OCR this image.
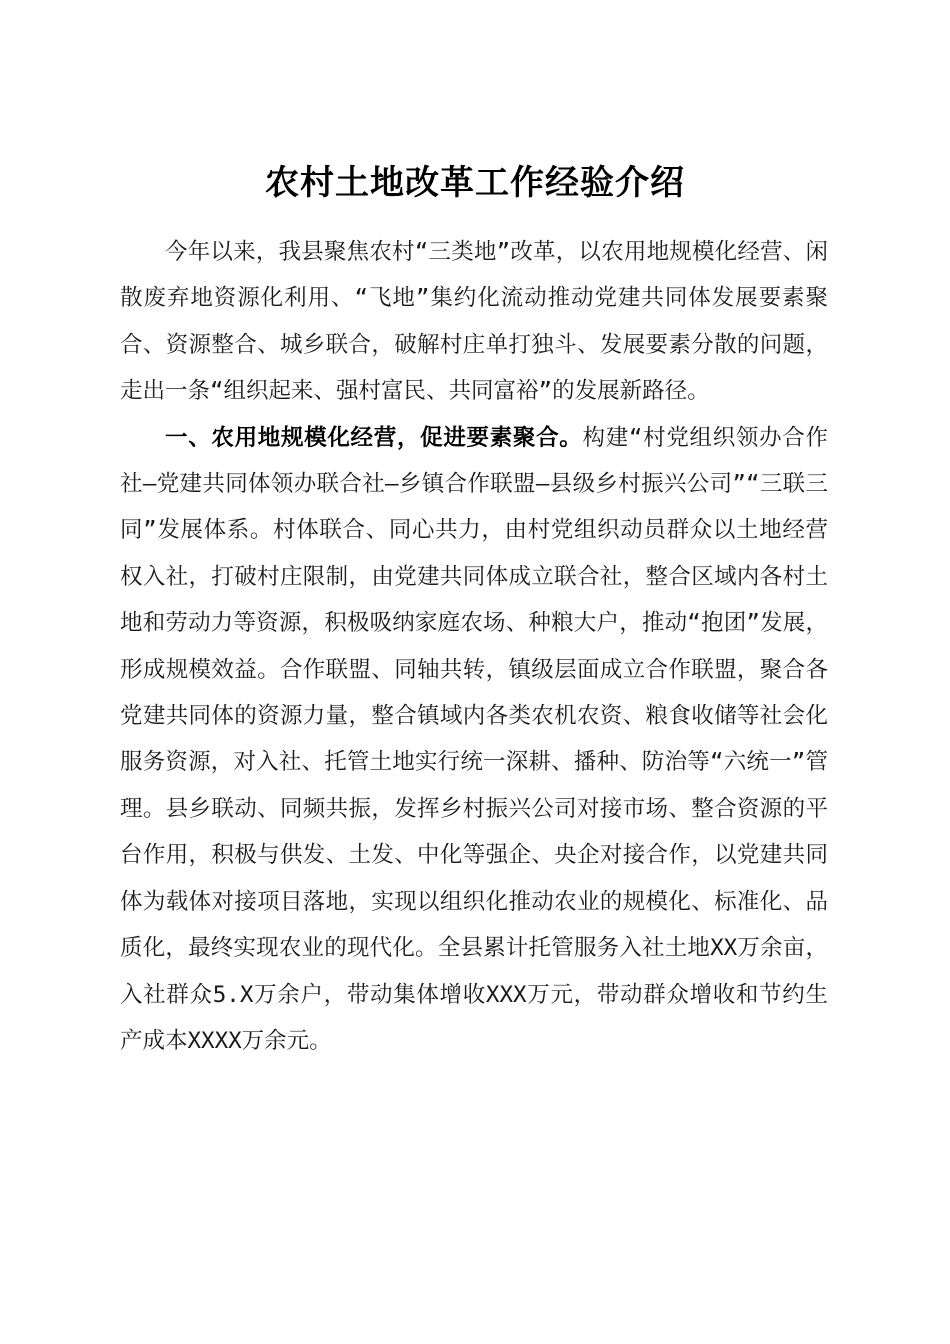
农村土地改革工作经验介绍

今年以来，我县聚焦农村“三类地”改革，以农用地规模化经营、闲散废弃地资源化利用、“飞地”集约化流动推动党建共同体发展要素聚合、资源整合、城乡联合，破解村庄单打独斗、发展要素分散的问题，走出一条“组织起来、强村富民、共同富裕”的发展新路径。

一、农用地规模化经营，促进要素聚合。构建“村党组织领办合作社—党建共同体领办联合社—乡镇合作联盟—县级乡村振兴公司”“三联三同”发展体系。村体联合、同心共力，由村党组织动员群众以土地经营权入社，打破村庄限制，由党建共同体成立联合社，整合区域内各村土地和劳动力等资源，积极吸纳家庭农场、种粮大户，推动“抱团”发展，形成规模效益。合作联盟、同轴共转，镇级层面成立合作联盟，聚合各党建共同体的资源力量，整合镇域内各类农机农资、粮食收储等社会化服务资源，对入社、托管土地实行统一深耕、播种、防治等“六统一”管理。县乡联动、同频共振，发挥乡村振兴公司对接市场、整合资源的平台作用，积极与供发、土发、中化等强企、央企对接合作，以党建共同体为载体对接项目落地，实现以组织化推动农业的规模化、标准化、品质化，最终实现农业的现代化。全县累计托管服务入社土地XX万余亩，入社群众5.X万余户，带动集体增收XXX万元，带动群众增收和节约生产成本XXXX万余元。
